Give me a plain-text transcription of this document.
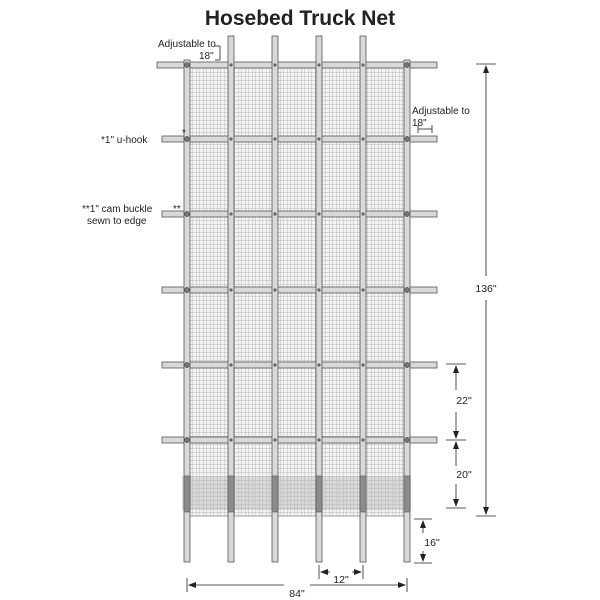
Hosebed Truck Net
Adjustable to
18"
*1" u-hook
*
**1" cam buckle
sewn to edge
**
Adjustable to
18"
136"
22"
20"
16"
12"
84"
